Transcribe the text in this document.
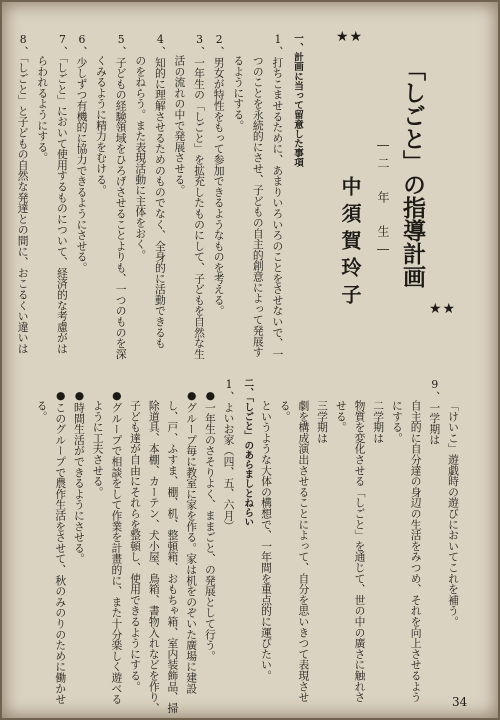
★★
「しごと」の指導計画
―二　年　生―
中須賀玲子	★★
一、計画に当って留意した事項
1、打ちこませるために、あまりいろいろのことをさせないで、一
つのことを永続的にさせ、子どもの自主的創意によって発展す
るようにする。
2、男女が特性をもって参加できるようなものを考える。
3、一年生の「しごと」を拡充したものにして、子どもを自然な生
活の流れの中で発展させる。
4、知的に理解させるためのものでなく、全身的に活動できるも
のをねらう。また表現活動に主体をおく。
5、子どもの経験領域をひろげさせることよりも、一つのものを深
くみるように精力をむける。
6、少しずつ有機的に協力できるようにさせる。
7、「しごと」において使用するものについて、経済的な考慮がは
らわれるようにする。
8、「しごと」と子どもの自然な発達との間に、おこるくい違いは
「けいこ」遊戯時の遊びにおいてこれを補う。
9、一学期は
自主的に自分達の身辺の生活をみつめ、それを向上させるよう
にする。
二学期は
物質を変化させる「しごと」を通じて、世の中の廣さに触れさ
せる。
三学期は
劇を構成演出させることによって、自分を思いきつて表現させ
る。
というような大体の構想で、一年間を重点的に運びたい。
二、「しごと」のあらましとねらい
1、よいお家（四、五、六月）
●一年生のさそりよく、ままごと、の発展として行う。
●グループ毎に教室に家を作る。家は机をのぞいた廣場に建設
し、戸、ふすま、棚、机、整頓箱、おもちゃ箱、室内装飾品、掃
除道具、本棚、カーテン、犬小屋、鳥箱、書物入れなどを作り、
子ども達が自由にそれらを整頓し、使用できるようにする。
●グループで相談をして作業を計畫的に、また十分楽しく遊べる
ように工夫させる。
●時間生活ができるようにさせる。
●このグループで農作生活をさせて、秋のみのりのために働かせ
る。
34
